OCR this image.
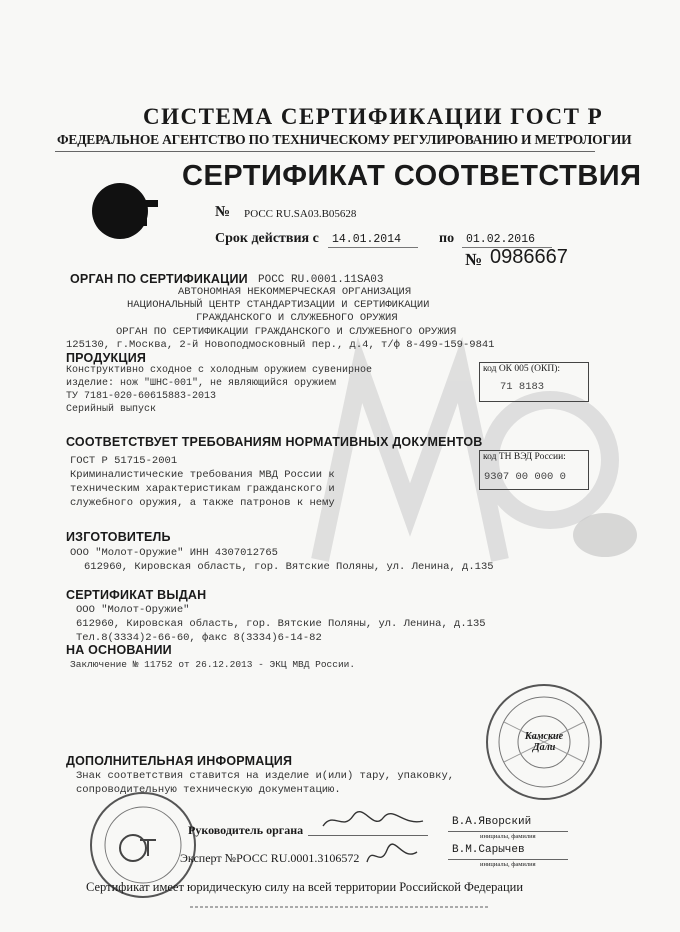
СИСТЕМА СЕРТИФИКАЦИИ ГОСТ Р
ФЕДЕРАЛЬНОЕ АГЕНТСТВО ПО ТЕХНИЧЕСКОМУ РЕГУЛИРОВАНИЮ И МЕТРОЛОГИИ
СЕРТИФИКАТ СООТВЕТСТВИЯ
№ РОСС RU.SA03.B05628
Срок действия с 14.01.2014	по 01.02.2016
№ 0986667
ОРГАН ПО СЕРТИФИКАЦИИ РОСС RU.0001.11SA03
АВТОНОМНАЯ НЕКОММЕРЧЕСКАЯ ОРГАНИЗАЦИЯ
НАЦИОНАЛЬНЫЙ ЦЕНТР СТАНДАРТИЗАЦИИ И СЕРТИФИКАЦИИ
ГРАЖДАНСКОГО И СЛУЖЕБНОГО ОРУЖИЯ
ОРГАН ПО СЕРТИФИКАЦИИ ГРАЖДАНСКОГО И СЛУЖЕБНОГО ОРУЖИЯ
125130, г.Москва, 2-й Новоподмосковный пер., д.4, т/ф 8-499-159-9841
ПРОДУКЦИЯ
Конструктивно сходное с холодным оружием сувенирное
изделие: нож "ШНС-001", не являющийся оружием
ТУ 7181-020-60615883-2013
Серийный выпуск
код ОК 005 (ОКП):
71 8183
СООТВЕТСТВУЕТ ТРЕБОВАНИЯМ НОРМАТИВНЫХ ДОКУМЕНТОВ
ГОСТ Р 51715-2001
Криминалистические требования МВД России к
техническим характеристикам гражданского и
служебного оружия, а также патронов к нему
код ТН ВЭД России:
9307 00 000 0
ИЗГОТОВИТЕЛЬ
ООО "Молот-Оружие" ИНН 4307012765
612960, Кировская область, гор. Вятские Поляны, ул. Ленина, д.135
СЕРТИФИКАТ ВЫДАН
ООО "Молот-Оружие"
612960, Кировская область, гор. Вятские Поляны, ул. Ленина, д.135
Тел.8(3334)2-66-60, факс 8(3334)6-14-82
НА ОСНОВАНИИ
Заключение № 11752 от 26.12.2013 - ЭКЦ МВД России.
Камские Дали
ДОПОЛНИТЕЛЬНАЯ ИНФОРМАЦИЯ
Знак соответствия ставится на изделие и(или) тару, упаковку,
сопроводительную техническую документацию.
Руководитель органа
В.А.Яворский
инициалы, фамилия
Эксперт №РОСС RU.0001.3106572
В.М.Сарычев
инициалы, фамилия
Сертификат имеет юридическую силу на всей территории Российской Федерации
